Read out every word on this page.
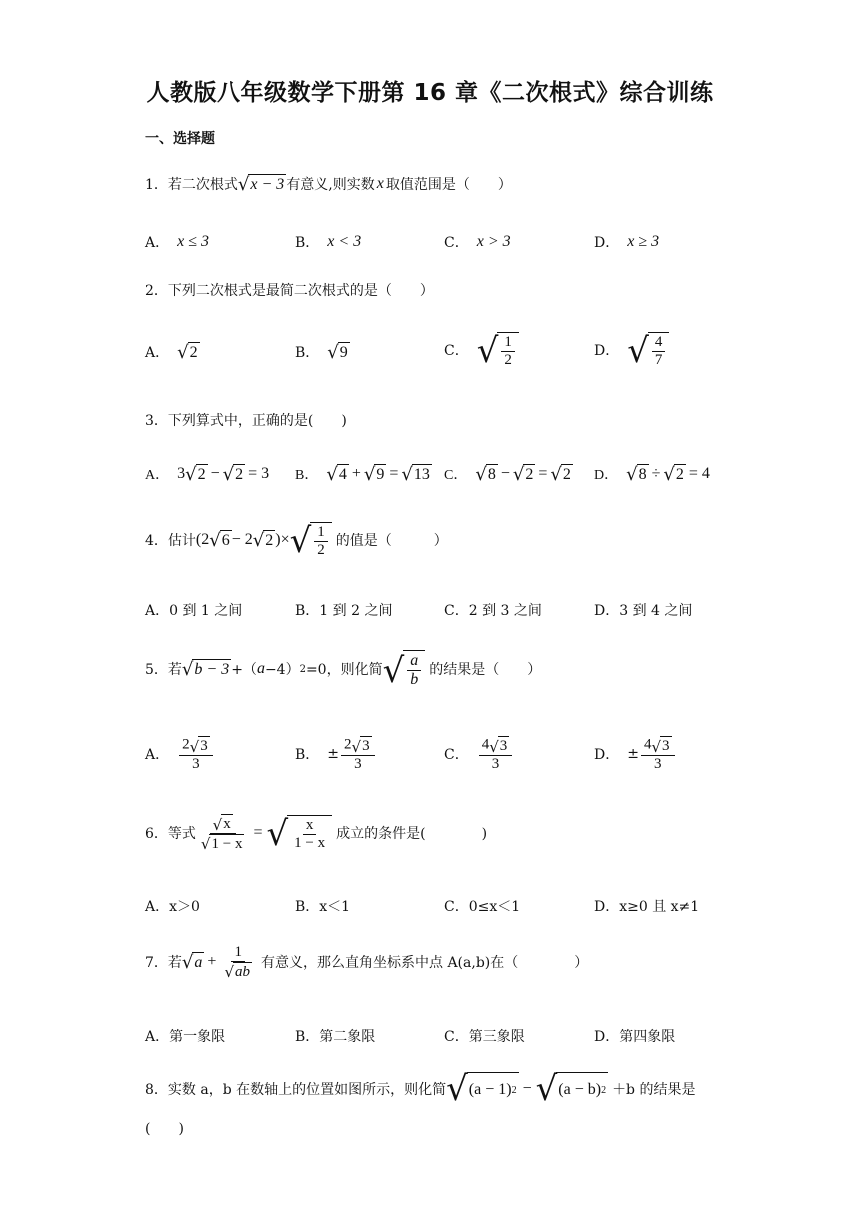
人教版八年级数学下册第 16 章《二次根式》综合训练
一、选择题
1．若二次根式 √ x − 3 有意义,则实数 x 取值范围是（　　）
A． x ≤ 3	B． x < 3	C． x > 3	D． x ≥ 3
2．下列二次根式是最简二次根式的是（　　）
A． √ 2	B． √ 9	C． √ $\frac{1}{2}$	D． √ $\frac{4}{7}$
3．下列算式中，正确的是(　　)
A． 3 √ 2 − √ 2 = 3 B． √ 4 + √ 9 = √ 13 C． √ 8 − √ 2 = √ 2 D． √ 8 ÷ √ 2 = 4
4．估计 (2 √ 6 − 2 √ 2 )× √ $\frac{1}{2}$ 的值是（　　　）
A．0 到 1 之间	B．1 到 2 之间	C．2 到 3 之间	D．3 到 4 之间
5．若 √ b − 3 +（ a −4） 2 =0，则化简 √ $\frac{a}{b}$ 的结果是（　　）
A． $\frac{2 √ 3}{3}$	B． ± $\frac{2 √ 3}{3}$	C． $\frac{4 √ 3}{3}$	D． ± $\frac{4 √ 3}{3}$
6．等式 $\frac{√ x}{√ 1 - x}$ = √ $\frac{x}{1 - x}$ 成立的条件是(　　　　)
A．x＞0	B．x＜1	C．0≤x＜1	D．x≥0 且 x≠1
7．若 √ $a + \frac{1}{√ ab}$ 有意义，那么直角坐标系中点 A(a,b)在（　　　　）
A．第一象限	B．第二象限	C．第三象限	D．第四象限
8．实数 a，b 在数轴上的位置如图所示，则化简 √ (a − 1) 2 − √ (a − b) 2 ＋b 的结果是
(　　)
